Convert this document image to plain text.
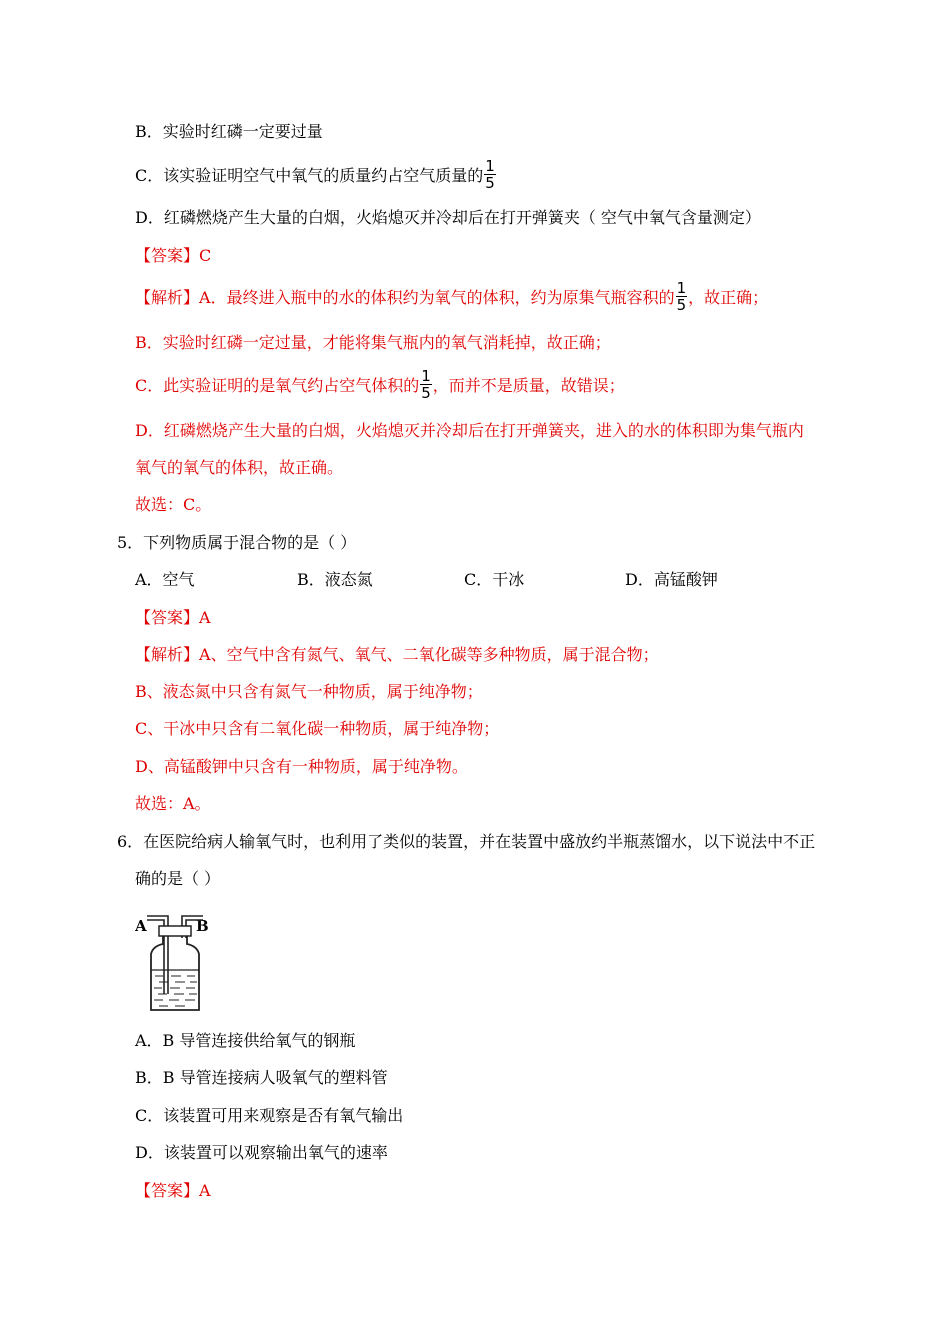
B．实验时红磷一定要过量
C．该实验证明空气中氧气的质量约占空气质量的 $\frac{1}{5}$
D．红磷燃烧产生大量的白烟，火焰熄灭并冷却后在打开弹簧夹（ 空气中氧气含量测定）
【答案】C
【解析】A．最终进入瓶中的水的体积约为氧气的体积，约为原集气瓶容积的 $\frac{1}{5}$ ，故正确；
B．实验时红磷一定过量，才能将集气瓶内的氧气消耗掉，故正确；
C．此实验证明的是氧气约占空气体积的 $\frac{1}{5}$ ，而并不是质量，故错误；
D．红磷燃烧产生大量的白烟，火焰熄灭并冷却后在打开弹簧夹，进入的水的体积即为集气瓶内
氧气的氧气的体积，故正确。
故选：C。
5．下列物质属于混合物的是（ ）
A．空气	B．液态氮	C．干冰	D．高锰酸钾
【答案】A
【解析】A、空气中含有氮气、氧气、二氧化碳等多种物质，属于混合物；
B、液态氮中只含有氮气一种物质，属于纯净物；
C、干冰中只含有二氧化碳一种物质，属于纯净物；
D、高锰酸钾中只含有一种物质，属于纯净物。
故选：A。
6．在医院给病人输氧气时，也利用了类似的装置，并在装置中盛放约半瓶蒸馏水，以下说法中不正
确的是（ ）
A	B
A．B 导管连接供给氧气的钢瓶
B．B 导管连接病人吸氧气的塑料管
C．该装置可用来观察是否有氧气输出
D．该装置可以观察输出氧气的速率
【答案】A
